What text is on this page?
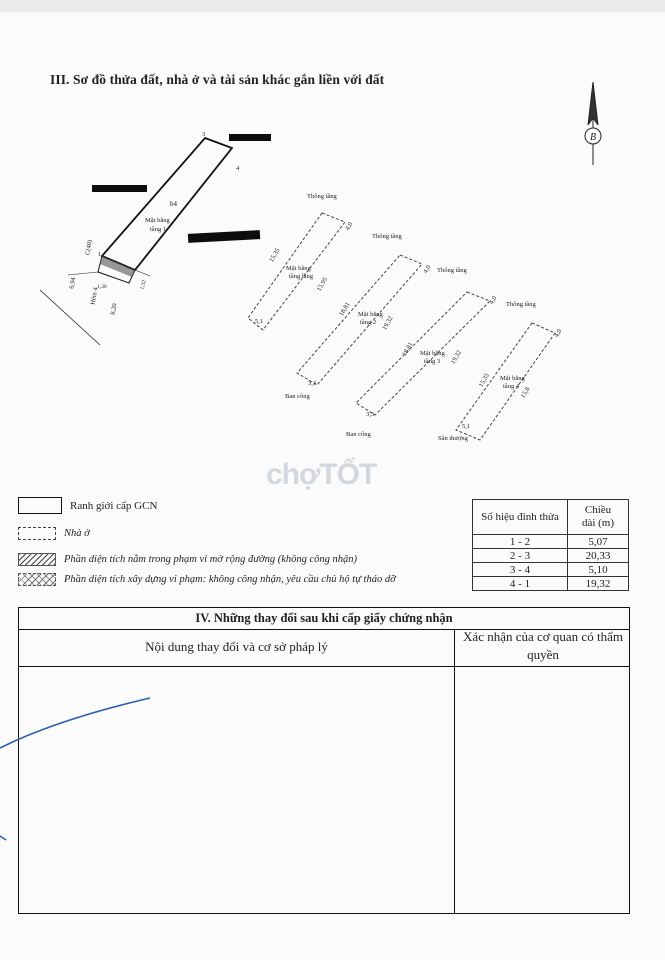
III. Sơ đồ thửa đất, nhà ở và tài sản khác gắn liền với đất
B
3
4
1
b4
Mặt bằng
tầng 1
C(40)
6,94	1,30
8,20
1,32
Hẻm 4
Thông tầng
4,0
15,35
15,95
Mặt bằng
tầng lầng
5,1
Thông tầng
4,0
18,81
19,32
Mặt bằng
tầng 2
3,3
Ban công
Thông tầng
4,0
18,81
19,32
Mặt bằng
tầng 3
3,3
Ban công
Thông tầng
4,0
15,35
15,8
Mặt bằng
tầng 4
5,1
Sân thượng
chợTỐT
Ranh giới cấp GCN
Nhà ở
Phần diện tích nằm trong phạm vi mở rộng đường (không công nhận)
Phần diện tích xây dựng vi phạm: không công nhận, yêu cầu chủ hộ tự tháo dỡ
Số hiệu đỉnh thửa	Chiều dài (m)
1 - 2	5,07
2 - 3	20,33
3 - 4	5,10
4 - 1	19,32
IV. Những thay đổi sau khi cấp giấy chứng nhận
Nội dung thay đổi và cơ sở pháp lý
Xác nhận của cơ quan có thẩm quyền
